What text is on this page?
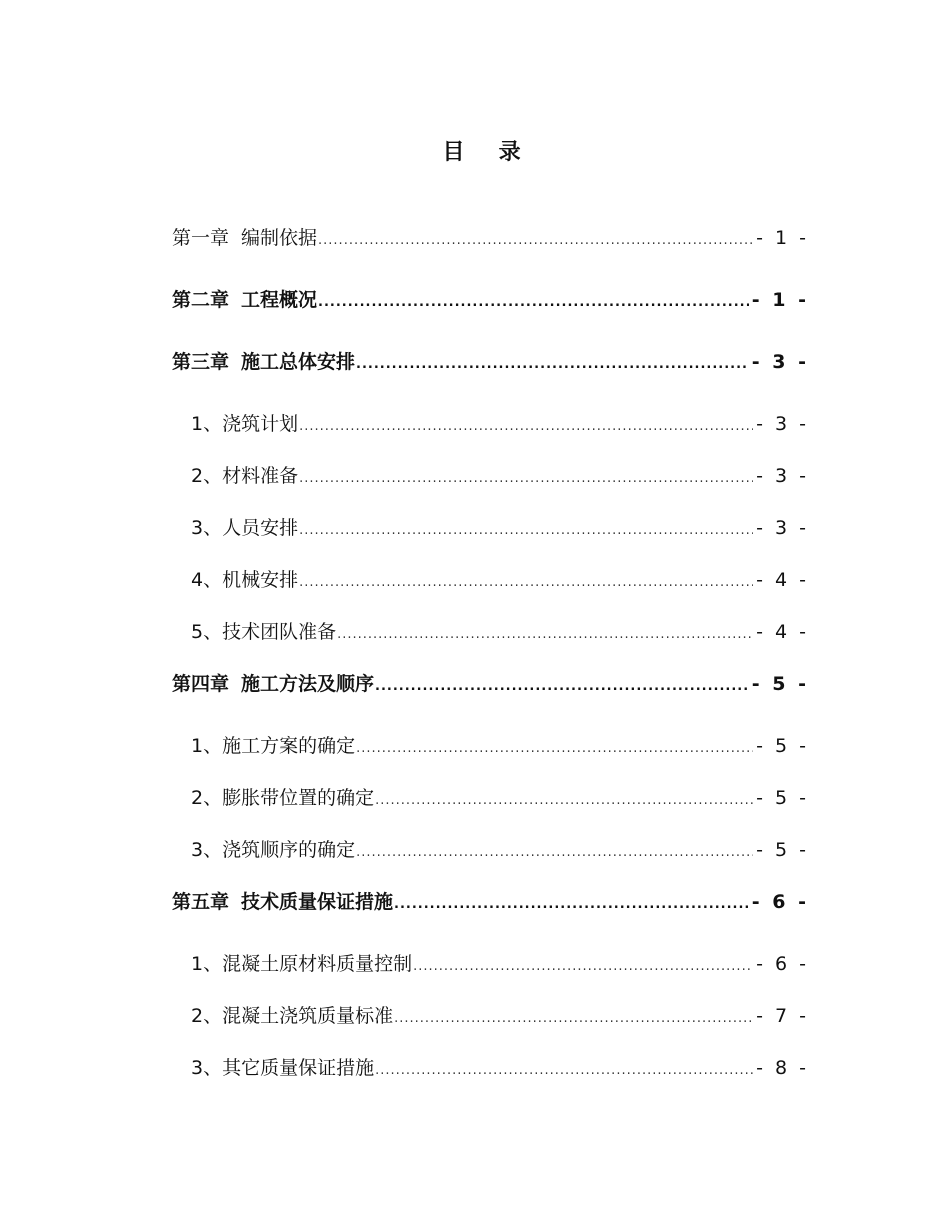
目 录
第一章 编制依据 .....	- 1 -
第二章 工程概况 .....	- 1 -
第三章 施工总体安排 .....	- 3 -
1、浇筑计划 .....	- 3 -
2、材料准备 .....	- 3 -
3、人员安排 .....	- 3 -
4、机械安排 .....	- 4 -
5、技术团队准备 .....	- 4 -
第四章 施工方法及顺序 .....	- 5 -
1、施工方案的确定 .....	- 5 -
2、膨胀带位置的确定 .....	- 5 -
3、浇筑顺序的确定 .....	- 5 -
第五章 技术质量保证措施 .....	- 6 -
1、混凝土原材料质量控制 .....	- 6 -
2、混凝土浇筑质量标准 .....	- 7 -
3、其它质量保证措施 .....	- 8 -
